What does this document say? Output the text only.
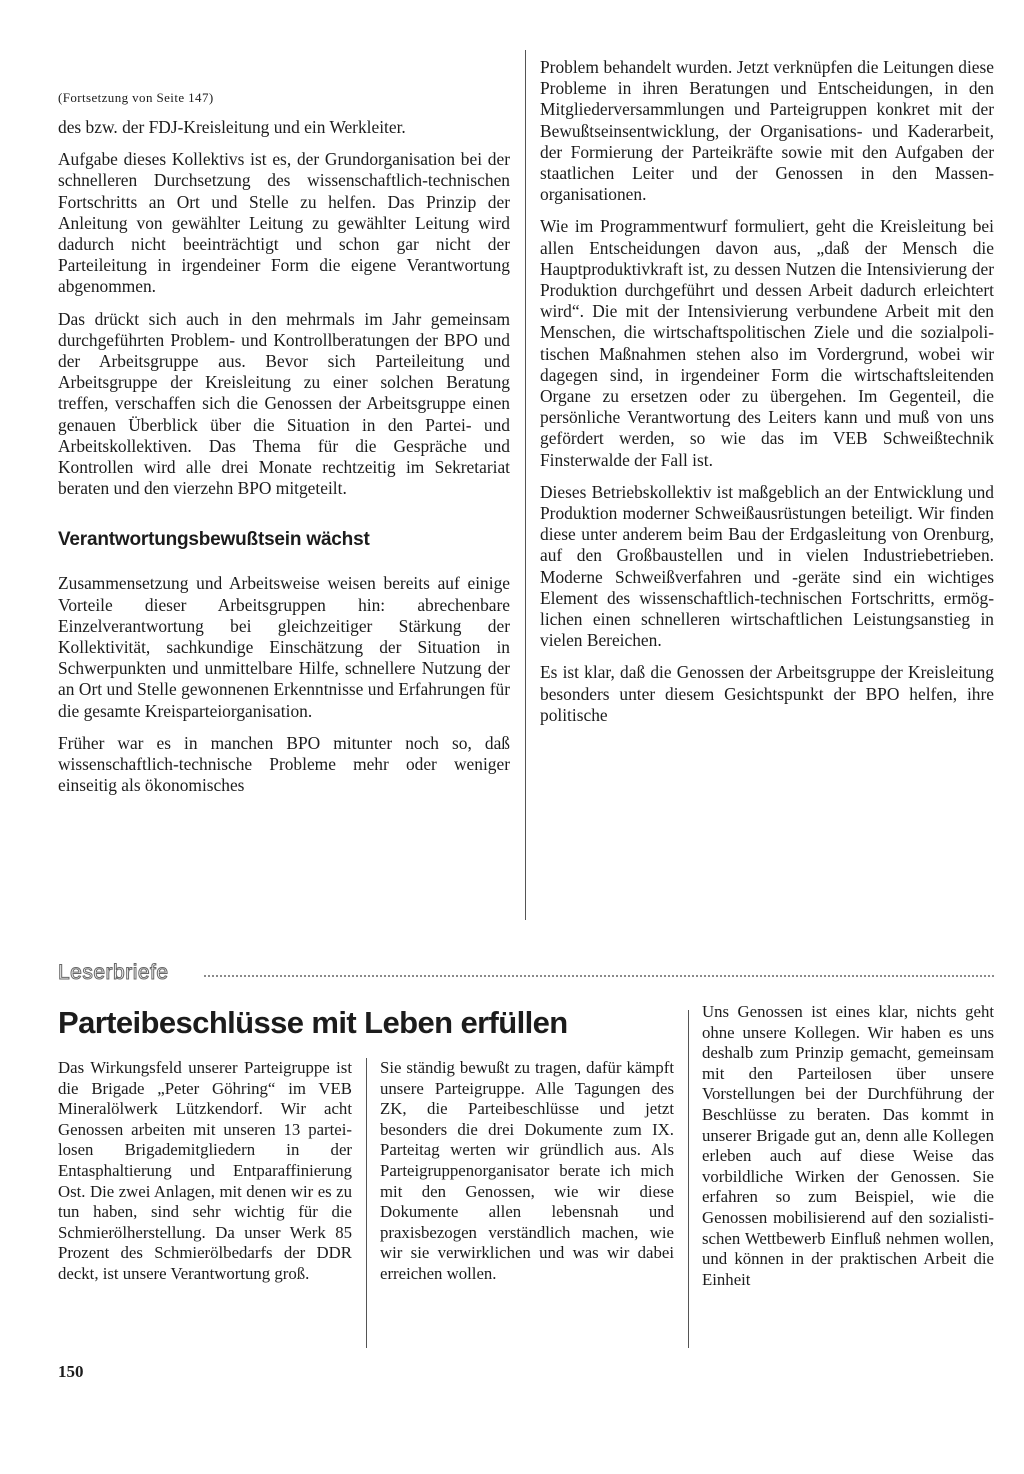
(Fortsetzung von Seite 147)

des bzw. der FDJ-Kreisleitung und ein Werkleiter.

Aufgabe dieses Kollektivs ist es, der Grundorganisation bei der schnelleren Durchsetzung des wissenschaftlich-technischen Fortschritts an Ort und Stelle zu helfen. Das Prinzip der Anleitung von gewählter Leitung zu gewählter Leitung wird dadurch nicht beeinträchtigt und schon gar nicht der Parteileitung in irgendeiner Form die eigene Verantwortung abgenommen.

Das drückt sich auch in den mehrmals im Jahr gemeinsam durchgeführten Problem- und Kontrollberatungen der BPO und der Arbeitsgruppe aus. Bevor sich Parteileitung und Arbeitsgruppe der Kreisleitung zu einer solchen Beratung treffen, verschaffen sich die Genossen der Arbeitsgruppe einen genauen Überblick über die Situation in den Partei- und Arbeitskollektiven. Das Thema für die Gespräche und Kontrollen wird alle drei Monate rechtzeitig im Sekretariat beraten und den vierzehn BPO mitgeteilt.

Verantwortungsbewußtsein wächst

Zusammensetzung und Arbeitsweise weisen bereits auf einige Vorteile dieser Arbeitsgruppen hin: abrechenbare Einzelverantwortung bei gleichzeitiger Stärkung der Kollektivität, sachkundige Einschätzung der Situation in Schwerpunkten und unmittelbare Hilfe, schnellere Nutzung der an Ort und Stelle gewonnenen Erkenntnisse und Erfahrungen für die gesamte Kreisparteiorganisation.

Früher war es in manchen BPO mitunter noch so, daß wissenschaftlich-technische Probleme mehr oder weniger einseitig als ökonomisches

Problem behandelt wurden. Jetzt verknüpfen die Leitungen diese Probleme in ihren Beratungen und Entscheidungen, in den Mitgliederversammlungen und Parteigruppen konkret mit der Bewußtseinsentwicklung, der Organisations- und Kaderarbeit, der Formierung der Parteikräfte sowie mit den Aufgaben der staatlichen Leiter und der Genossen in den Massenorganisationen.

Wie im Programmentwurf formuliert, geht die Kreisleitung bei allen Entscheidungen davon aus, „daß der Mensch die Hauptproduktivkraft ist, zu dessen Nutzen die Intensivierung der Produktion durchgeführt und dessen Arbeit dadurch erleichtert wird“. Die mit der Intensivierung verbundene Arbeit mit den Menschen, die wirtschaftspolitischen Ziele und die sozialpolitischen Maßnahmen stehen also im Vordergrund, wobei wir dagegen sind, in irgendeiner Form die wirtschaftsleitenden Organe zu ersetzen oder zu übergehen. Im Gegenteil, die persönliche Verantwortung des Leiters kann und muß von uns gefördert werden, so wie das im VEB Schweißtechnik Finsterwalde der Fall ist.

Dieses Betriebskollektiv ist maßgeblich an der Entwicklung und Produktion moderner Schweißausrüstungen beteiligt. Wir finden diese unter anderem beim Bau der Erdgasleitung von Orenburg, auf den Großbaustellen und in vielen Industriebetrieben. Moderne Schweißverfahren und -geräte sind ein wichtiges Element des wissenschaftlich-technischen Fortschritts, ermöglichen einen schnelleren wirtschaftlichen Leistungsanstieg in vielen Bereichen.

Es ist klar, daß die Genossen der Arbeitsgruppe der Kreisleitung besonders unter diesem Gesichtspunkt der BPO helfen, ihre politische

Leserbriefe
Parteibeschlüsse mit Leben erfüllen

Das Wirkungsfeld unserer Parteigruppe ist die Brigade „Peter Göhring“ im VEB Mineralölwerk Lützkendorf. Wir acht Genossen arbeiten mit unseren 13 parteilosen Brigademitgliedern in der Entasphaltierung und Entparaffinierung Ost. Die zwei Anlagen, mit denen wir es zu tun haben, sind sehr wichtig für die Schmierölherstellung. Da unser Werk 85 Prozent des Schmierölbedarfs der DDR deckt, ist unsere Verantwortung groß.

Sie ständig bewußt zu tragen, dafür kämpft unsere Parteigruppe. Alle Tagungen des ZK, die Parteibeschlüsse und jetzt besonders die drei Dokumente zum IX. Parteitag werten wir gründlich aus. Als Parteigruppenorganisator berate ich mich mit den Genossen, wie wir diese Dokumente allen lebensnah und praxisbezogen verständlich machen, wie wir sie verwirklichen und was wir dabei erreichen wollen.

Uns Genossen ist eines klar, nichts geht ohne unsere Kollegen. Wir haben es uns deshalb zum Prinzip gemacht, gemeinsam mit den Parteilosen über unsere Vorstellungen bei der Durchführung der Beschlüsse zu beraten. Das kommt in unserer Brigade gut an, denn alle Kollegen erleben auch auf diese Weise das vorbildliche Wirken der Genossen. Sie erfahren so zum Beispiel, wie die Genossen mobilisierend auf den sozialistischen Wettbewerb Einfluß nehmen wollen, und können in der praktischen Arbeit die Einheit

150
